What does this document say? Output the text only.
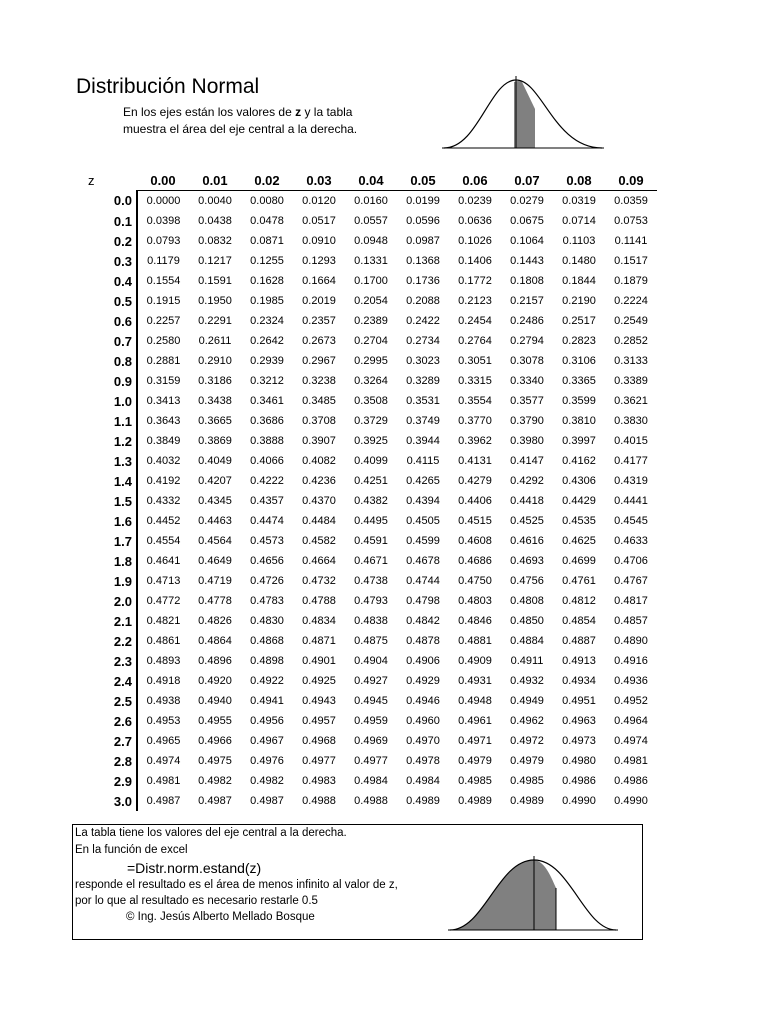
Distribución Normal
En los ejes están los valores de z y la tabla
muestra el área del eje central a la derecha.
z	0.00	0.01	0.02	0.03	0.04	0.05	0.06	0.07	0.08	0.09
0.0	0.0000	0.0040	0.0080	0.0120	0.0160	0.0199	0.0239	0.0279	0.0319	0.0359
0.1	0.0398	0.0438	0.0478	0.0517	0.0557	0.0596	0.0636	0.0675	0.0714	0.0753
0.2	0.0793	0.0832	0.0871	0.0910	0.0948	0.0987	0.1026	0.1064	0.1103	0.1141
0.3	0.1179	0.1217	0.1255	0.1293	0.1331	0.1368	0.1406	0.1443	0.1480	0.1517
0.4	0.1554	0.1591	0.1628	0.1664	0.1700	0.1736	0.1772	0.1808	0.1844	0.1879
0.5	0.1915	0.1950	0.1985	0.2019	0.2054	0.2088	0.2123	0.2157	0.2190	0.2224
0.6	0.2257	0.2291	0.2324	0.2357	0.2389	0.2422	0.2454	0.2486	0.2517	0.2549
0.7	0.2580	0.2611	0.2642	0.2673	0.2704	0.2734	0.2764	0.2794	0.2823	0.2852
0.8	0.2881	0.2910	0.2939	0.2967	0.2995	0.3023	0.3051	0.3078	0.3106	0.3133
0.9	0.3159	0.3186	0.3212	0.3238	0.3264	0.3289	0.3315	0.3340	0.3365	0.3389
1.0	0.3413	0.3438	0.3461	0.3485	0.3508	0.3531	0.3554	0.3577	0.3599	0.3621
1.1	0.3643	0.3665	0.3686	0.3708	0.3729	0.3749	0.3770	0.3790	0.3810	0.3830
1.2	0.3849	0.3869	0.3888	0.3907	0.3925	0.3944	0.3962	0.3980	0.3997	0.4015
1.3	0.4032	0.4049	0.4066	0.4082	0.4099	0.4115	0.4131	0.4147	0.4162	0.4177
1.4	0.4192	0.4207	0.4222	0.4236	0.4251	0.4265	0.4279	0.4292	0.4306	0.4319
1.5	0.4332	0.4345	0.4357	0.4370	0.4382	0.4394	0.4406	0.4418	0.4429	0.4441
1.6	0.4452	0.4463	0.4474	0.4484	0.4495	0.4505	0.4515	0.4525	0.4535	0.4545
1.7	0.4554	0.4564	0.4573	0.4582	0.4591	0.4599	0.4608	0.4616	0.4625	0.4633
1.8	0.4641	0.4649	0.4656	0.4664	0.4671	0.4678	0.4686	0.4693	0.4699	0.4706
1.9	0.4713	0.4719	0.4726	0.4732	0.4738	0.4744	0.4750	0.4756	0.4761	0.4767
2.0	0.4772	0.4778	0.4783	0.4788	0.4793	0.4798	0.4803	0.4808	0.4812	0.4817
2.1	0.4821	0.4826	0.4830	0.4834	0.4838	0.4842	0.4846	0.4850	0.4854	0.4857
2.2	0.4861	0.4864	0.4868	0.4871	0.4875	0.4878	0.4881	0.4884	0.4887	0.4890
2.3	0.4893	0.4896	0.4898	0.4901	0.4904	0.4906	0.4909	0.4911	0.4913	0.4916
2.4	0.4918	0.4920	0.4922	0.4925	0.4927	0.4929	0.4931	0.4932	0.4934	0.4936
2.5	0.4938	0.4940	0.4941	0.4943	0.4945	0.4946	0.4948	0.4949	0.4951	0.4952
2.6	0.4953	0.4955	0.4956	0.4957	0.4959	0.4960	0.4961	0.4962	0.4963	0.4964
2.7	0.4965	0.4966	0.4967	0.4968	0.4969	0.4970	0.4971	0.4972	0.4973	0.4974
2.8	0.4974	0.4975	0.4976	0.4977	0.4977	0.4978	0.4979	0.4979	0.4980	0.4981
2.9	0.4981	0.4982	0.4982	0.4983	0.4984	0.4984	0.4985	0.4985	0.4986	0.4986
3.0	0.4987	0.4987	0.4987	0.4988	0.4988	0.4989	0.4989	0.4989	0.4990	0.4990
La tabla tiene los valores del eje central a la derecha.
En la función de excel
=Distr.norm.estand(z)
responde el resultado es el área de menos infinito al valor de z,
por lo que al resultado es necesario restarle 0.5
© Ing. Jesús Alberto Mellado Bosque
